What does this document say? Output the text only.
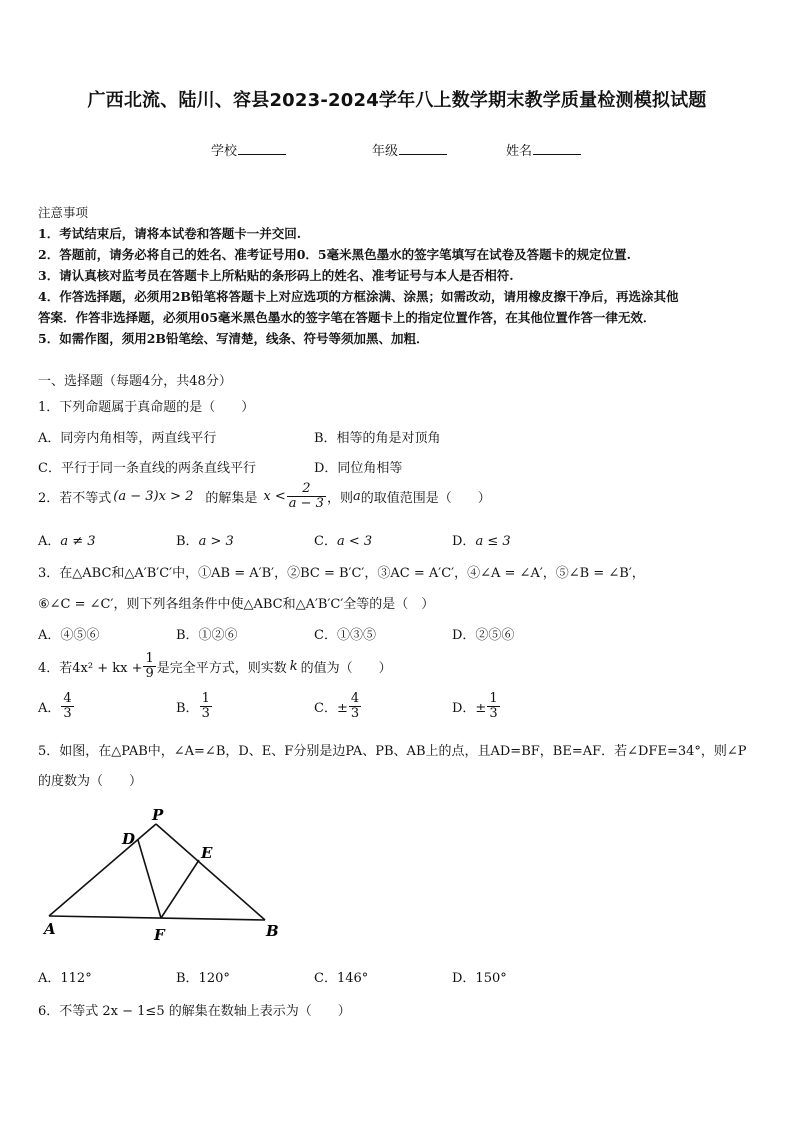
广西北流、陆川、容县2023-2024学年八上数学期末教学质量检测模拟试题
学校	年级	姓名
注意事项
1．考试结束后，请将本试卷和答题卡一并交回.
2．答题前，请务必将自己的姓名、准考证号用0．5毫米黑色墨水的签字笔填写在试卷及答题卡的规定位置.
3．请认真核对监考员在答题卡上所粘贴的条形码上的姓名、准考证号与本人是否相符.
4．作答选择题，必须用2B铅笔将答题卡上对应选项的方框涂满、涂黑；如需改动，请用橡皮擦干净后，再选涂其他
答案．作答非选择题，必须用05毫米黑色墨水的签字笔在答题卡上的指定位置作答，在其他位置作答一律无效．
5．如需作图，须用2B铅笔绘、写清楚，线条、符号等须加黑、加粗．
一、选择题（每题4分，共48分）
1．下列命题属于真命题的是（　　）
A．同旁内角相等，两直线平行	B．相等的角是对顶角
C．平行于同一条直线的两条直线平行	D．同位角相等
2．若不等式 (a − 3)x > 2 的解集是 $x < \frac{2}{a - 3}$ ，则 a 的取值范围是（　　）
A．a ≠ 3	B．a > 3	C．a < 3	D．a ≤ 3
3．在△ABC和△A′B′C′中，①AB = A′B′，②BC = B′C′，③AC = A′C′，④∠A = ∠A′，⑤∠B = ∠B′，
⑥∠C = ∠C′，则下列各组条件中使△ABC和△A′B′C′全等的是（　）
A．④⑤⑥	B．①②⑥	C．①③⑤	D．②⑤⑥
4．若4x² + kx + $\frac{1}{9}$ 是完全平方式，则实数 k 的值为（　　）
A． $\frac{4}{3}$	B． $\frac{1}{3}$	C．± $\frac{4}{3}$	D．± $\frac{1}{3}$
5．如图，在△PAB中，∠A=∠B，D、E、F分别是边PA、PB、AB上的点，且AD=BF，BE=AF．若∠DFE=34°，则∠P
的度数为（　　）
P
D
E
A	F	B
A．112°	B．120°	C．146°	D．150°
6．不等式 2x − 1≤5 的解集在数轴上表示为（　　）
